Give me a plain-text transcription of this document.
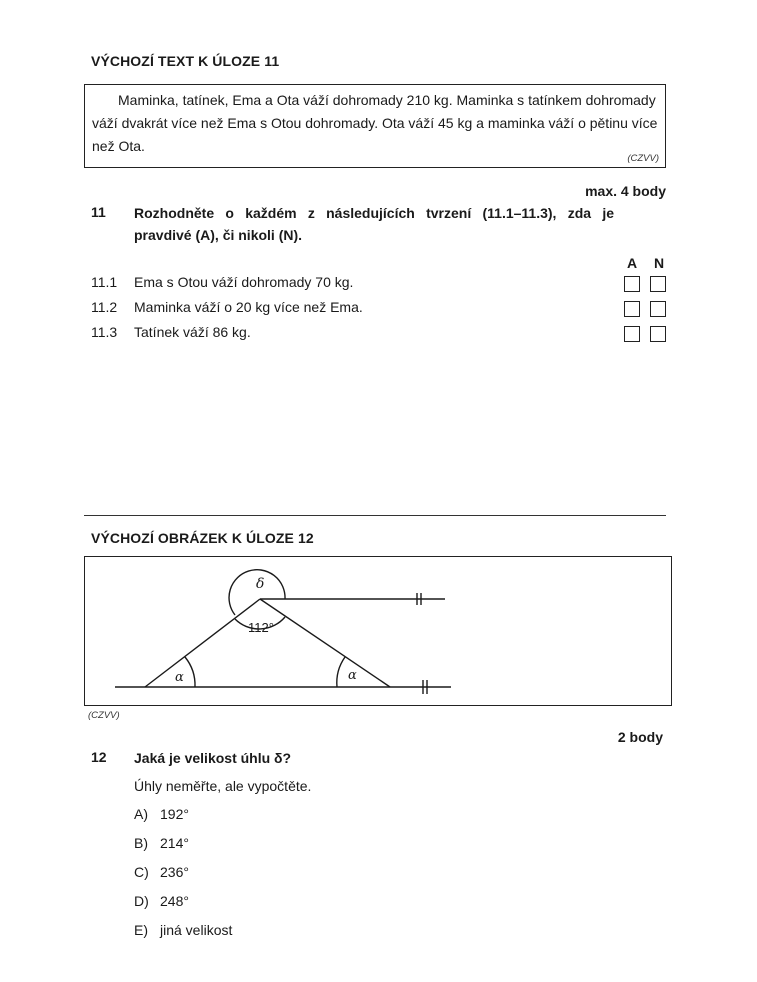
VÝCHOZÍ TEXT K ÚLOZE 11

Maminka, tatínek, Ema a Ota váží dohromady 210 kg. Maminka s tatínkem dohromady váží dvakrát více než Ema s Otou dohromady. Ota váží 45 kg a maminka váží o pětinu více než Ota.

(CZVV)
max. 4 body
11 Rozhodněte o každém z následujících tvrzení (11.1–11.3), zda je pravdivé (A), či nikoli (N).
A N
11.1 Ema s Otou váží dohromady 70 kg.
11.2 Maminka váží o 20 kg více než Ema.
11.3 Tatínek váží 86 kg.
VÝCHOZÍ OBRÁZEK K ÚLOZE 12
δ
112°
α	α
(CZVV)
2 body
12 Jaká je velikost úhlu δ?
Úhly neměřte, ale vypočtěte.
A) 192°
B) 214°
C) 236°
D) 248°
E) jiná velikost
